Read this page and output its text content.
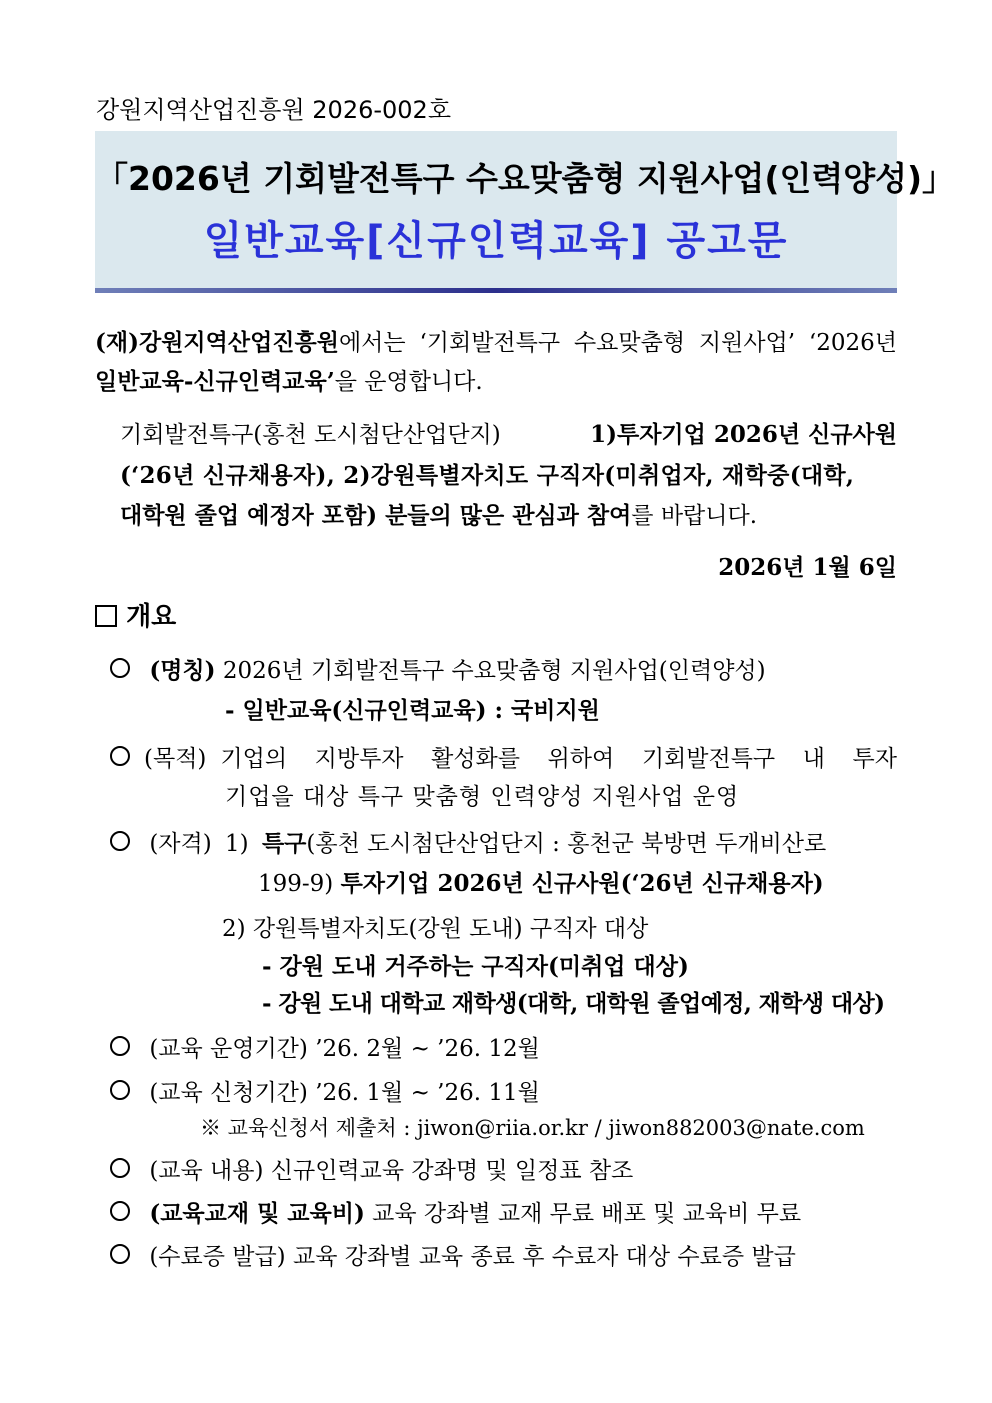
강원지역산업진흥원 2026-002호
「2026년 기회발전특구 수요맞춤형 지원사업(인력양성)」
일반교육[신규인력교육] 공고문
(재)강원지역산업진흥원에서는 ‘기회발전특구 수요맞춤형 지원사업’ ‘2026년
일반교육-신규인력교육’을 운영합니다.
기회발전특구(홍천 도시첨단산업단지)	1)투자기업 2026년 신규사원
(‘26년 신규채용자), 2)강원특별자치도 구직자(미취업자, 재학중(대학,
대학원 졸업 예정자 포함) 분들의 많은 관심과 참여를 바랍니다.
2026년 1월 6일
개요
(명칭) 2026년 기회발전특구 수요맞춤형 지원사업(인력양성)
- 일반교육(신규인력교육) : 국비지원
(목적) 기업의 지방투자 활성화를 위하여 기회발전특구 내 투자
기업을 대상 특구 맞춤형 인력양성 지원사업 운영
(자격) 1) 특구(홍천 도시첨단산업단지 : 홍천군 북방면 두개비산로
199-9) 투자기업 2026년 신규사원(‘26년 신규채용자)
2) 강원특별자치도(강원 도내) 구직자 대상
- 강원 도내 거주하는 구직자(미취업 대상)
- 강원 도내 대학교 재학생(대학, 대학원 졸업예정, 재학생 대상)
(교육 운영기간) ’26. 2월 ~ ’26. 12월
(교육 신청기간) ’26. 1월 ~ ’26. 11월
※ 교육신청서 제출처 : jiwon@riia.or.kr / jiwon882003@nate.com
(교육 내용) 신규인력교육 강좌명 및 일정표 참조
(교육교재 및 교육비) 교육 강좌별 교재 무료 배포 및 교육비 무료
(수료증 발급) 교육 강좌별 교육 종료 후 수료자 대상 수료증 발급
